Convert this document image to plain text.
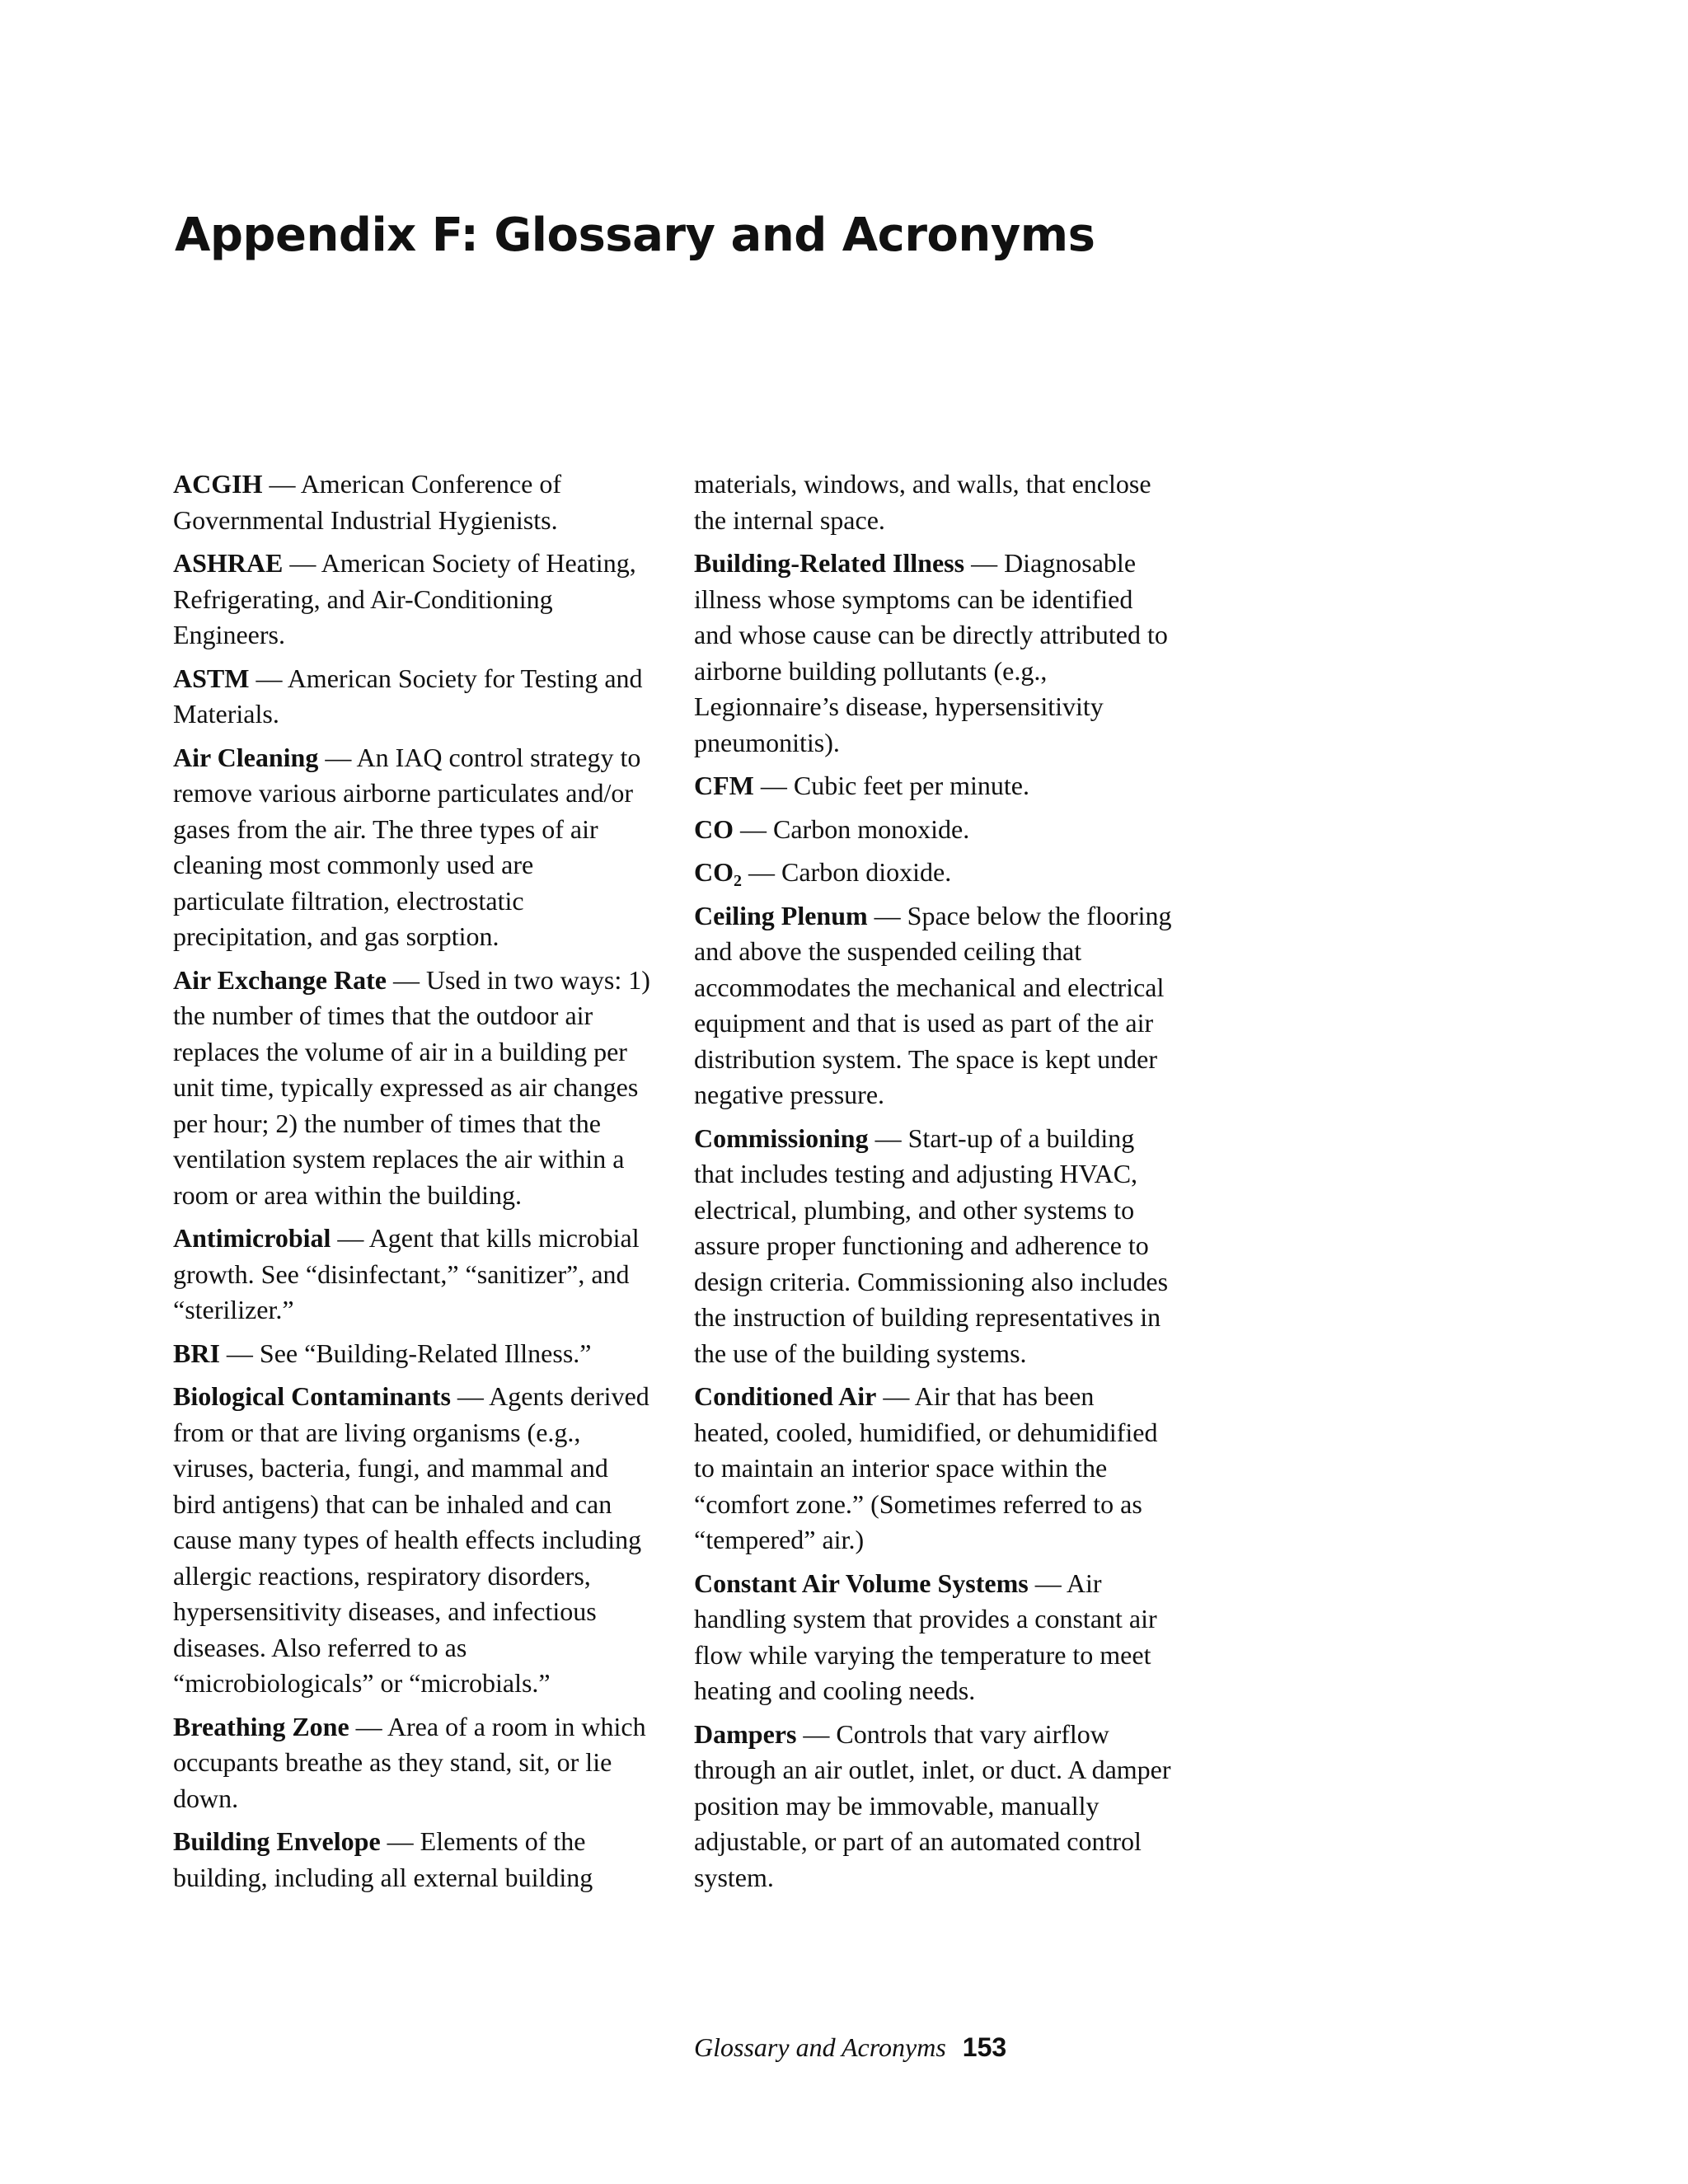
Appendix F: Glossary and Acronyms

ACGIH — American Conference of Governmental Industrial Hygienists.

ASHRAE — American Society of Heating, Refrigerating, and Air-Conditioning Engineers.

ASTM — American Society for Testing and Materials.

Air Cleaning — An IAQ control strategy to remove various airborne particulates and/or gases from the air. The three types of air cleaning most commonly used are particulate filtration, electrostatic precipitation, and gas sorption.

Air Exchange Rate — Used in two ways: 1) the number of times that the outdoor air replaces the volume of air in a building per unit time, typically expressed as air changes per hour; 2) the number of times that the ventilation system replaces the air within a room or area within the building.

Antimicrobial — Agent that kills microbial growth. See “disinfectant,” “sanitizer”, and “sterilizer.”

BRI — See “Building-Related Illness.”

Biological Contaminants — Agents derived from or that are living organisms (e.g., viruses, bacteria, fungi, and mammal and bird antigens) that can be inhaled and can cause many types of health effects including allergic reactions, respiratory disorders, hypersensitivity diseases, and infectious diseases. Also referred to as “microbiologicals” or “microbials.”

Breathing Zone — Area of a room in which occupants breathe as they stand, sit, or lie down.

Building Envelope — Elements of the building, including all external building

materials, windows, and walls, that enclose the internal space.

Building-Related Illness — Diagnosable illness whose symptoms can be identified and whose cause can be directly attributed to airborne building pollutants (e.g., Legionnaire’s disease, hypersensitivity pneumonitis).

CFM — Cubic feet per minute.

CO — Carbon monoxide.

$CO_2$ — Carbon dioxide.

Ceiling Plenum — Space below the flooring and above the suspended ceiling that accommodates the mechanical and electrical equipment and that is used as part of the air distribution system. The space is kept under negative pressure.

Commissioning — Start-up of a building that includes testing and adjusting HVAC, electrical, plumbing, and other systems to assure proper functioning and adherence to design criteria. Commissioning also includes the instruction of building representatives in the use of the building systems.

Conditioned Air — Air that has been heated, cooled, humidified, or dehumidified to maintain an interior space within the “comfort zone.” (Sometimes referred to as “tempered” air.)

Constant Air Volume Systems — Air handling system that provides a constant air flow while varying the temperature to meet heating and cooling needs.

Dampers — Controls that vary airflow through an air outlet, inlet, or duct. A damper position may be immovable, manually adjustable, or part of an automated control system.

Glossary and Acronyms 153
